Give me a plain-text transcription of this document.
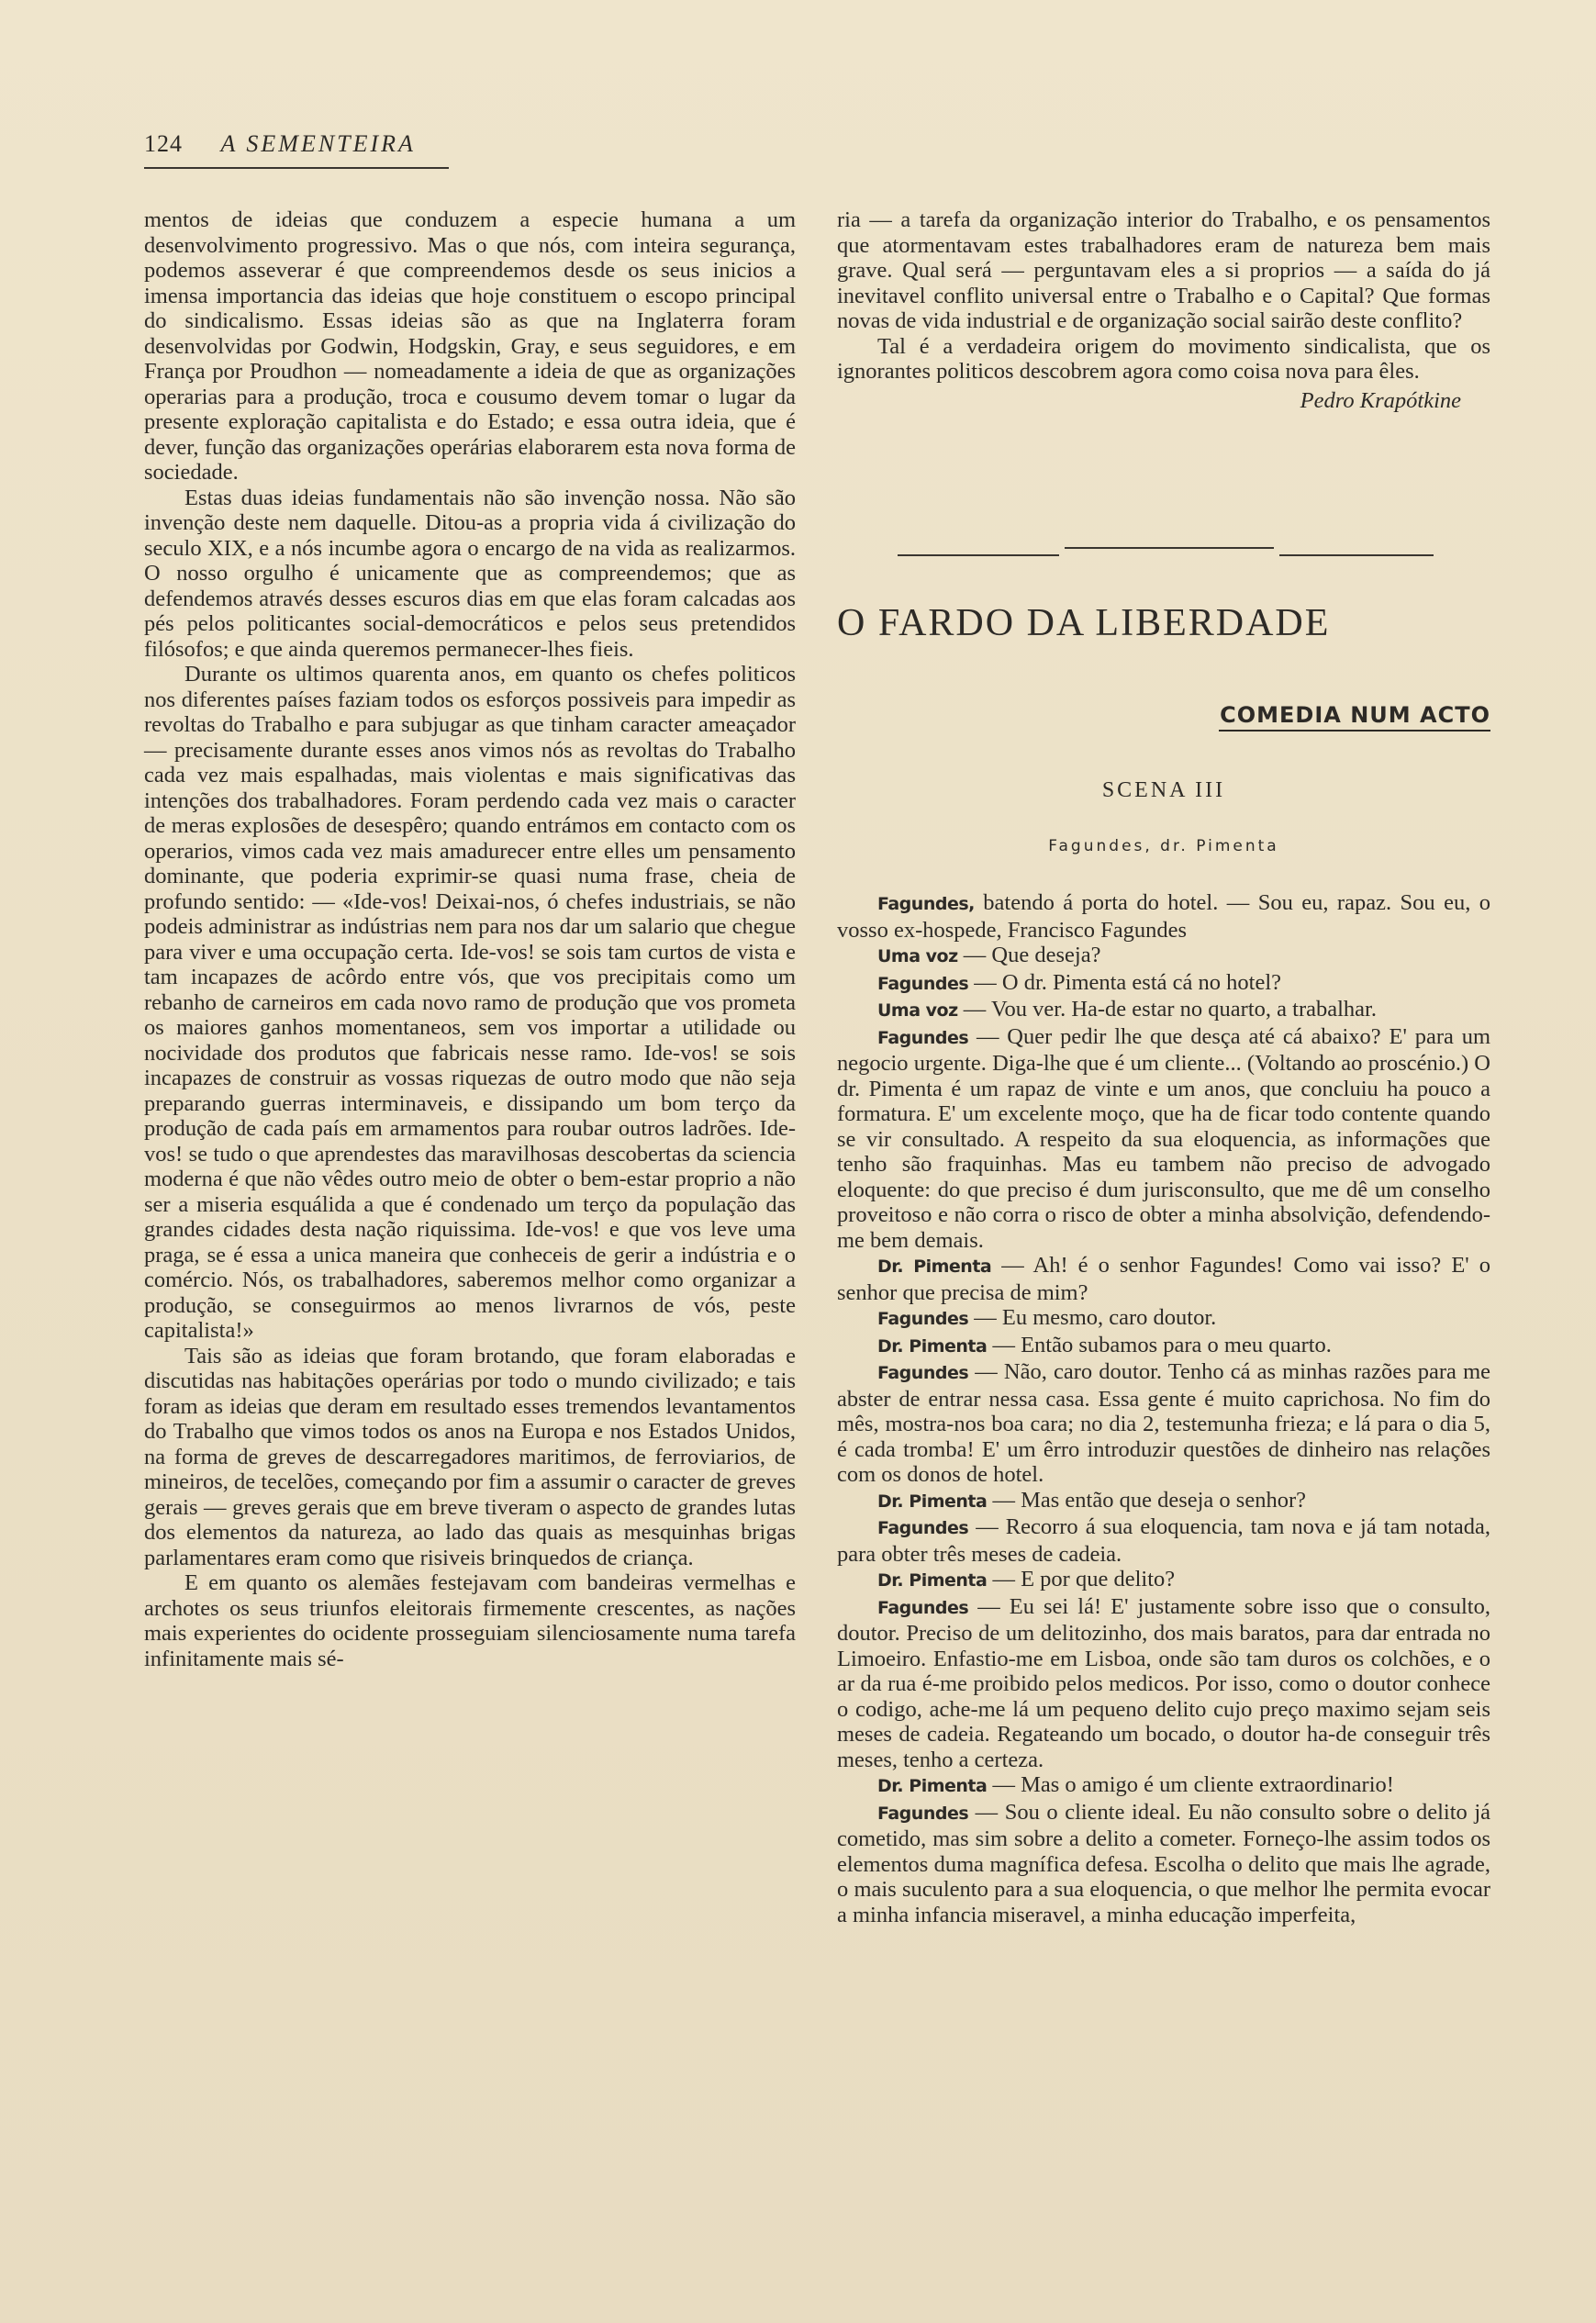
124 A SEMENTEIRA

mentos de ideias que conduzem a especie humana a um desenvolvimento progressivo. Mas o que nós, com inteira segurança, podemos asseverar é que compreendemos desde os seus inicios a imensa importancia das ideias que hoje constituem o escopo principal do sindicalismo. Essas ideias são as que na Inglaterra foram desenvolvidas por Godwin, Hodgskin, Gray, e seus seguidores, e em França por Proudhon — nomeadamente a ideia de que as organizações operarias para a produção, troca e cousumo devem tomar o lugar da presente exploração capitalista e do Estado; e essa outra ideia, que é dever, função das organizações operárias elaborarem esta nova forma de sociedade.

Estas duas ideias fundamentais não são invenção nossa. Não são invenção deste nem daquelle. Ditou-as a propria vida á civilização do seculo XIX, e a nós incumbe agora o encargo de na vida as realizarmos. O nosso orgulho é unicamente que as compreendemos; que as defendemos através desses escuros dias em que elas foram calcadas aos pés pelos politicantes social-democráticos e pelos seus pretendidos filósofos; e que ainda queremos permanecer-lhes fieis.

Durante os ultimos quarenta anos, em quanto os chefes politicos nos diferentes países faziam todos os esforços possiveis para impedir as revoltas do Trabalho e para subjugar as que tinham caracter ameaçador — precisamente durante esses anos vimos nós as revoltas do Trabalho cada vez mais espalhadas, mais violentas e mais significativas das intenções dos trabalhadores. Foram perdendo cada vez mais o caracter de meras explosões de desespêro; quando entrámos em contacto com os operarios, vimos cada vez mais amadurecer entre elles um pensamento dominante, que poderia exprimir-se quasi numa frase, cheia de profundo sentido: — «Ide-vos! Deixai-nos, ó chefes industriais, se não podeis administrar as indústrias nem para nos dar um salario que chegue para viver e uma occupação certa. Ide-vos! se sois tam curtos de vista e tam incapazes de acôrdo entre vós, que vos precipitais como um rebanho de carneiros em cada novo ramo de produção que vos prometa os maiores ganhos momentaneos, sem vos importar a utilidade ou nocividade dos produtos que fabricais nesse ramo. Ide-vos! se sois incapazes de construir as vossas riquezas de outro modo que não seja preparando guerras interminaveis, e dissipando um bom terço da produção de cada país em armamentos para roubar outros ladrões. Ide-vos! se tudo o que aprendestes das maravilhosas descobertas da sciencia moderna é que não vêdes outro meio de obter o bem-estar proprio a não ser a miseria esquálida a que é condenado um terço da população das grandes cidades desta nação riquissima. Ide-vos! e que vos leve uma praga, se é essa a unica maneira que conheceis de gerir a indústria e o comércio. Nós, os trabalhadores, saberemos melhor como organizar a produção, se conseguirmos ao menos livrarnos de vós, peste capitalista!»

Tais são as ideias que foram brotando, que foram elaboradas e discutidas nas habitações operárias por todo o mundo civilizado; e tais foram as ideias que deram em resultado esses tremendos levantamentos do Trabalho que vimos todos os anos na Europa e nos Estados Unidos, na forma de greves de descarregadores maritimos, de ferroviarios, de mineiros, de tecelões, começando por fim a assumir o caracter de greves gerais — greves gerais que em breve tiveram o aspecto de grandes lutas dos elementos da natureza, ao lado das quais as mesquinhas brigas parlamentares eram como que risiveis brinquedos de criança.

E em quanto os alemães festejavam com bandeiras vermelhas e archotes os seus triunfos eleitorais firmemente crescentes, as nações mais experientes do ocidente prosseguiam silenciosamente numa tarefa infinitamente mais sé-

ria — a tarefa da organização interior do Trabalho, e os pensamentos que atormentavam estes trabalhadores eram de natureza bem mais grave. Qual será — perguntavam eles a si proprios — a saída do já inevitavel conflito universal entre o Trabalho e o Capital? Que formas novas de vida industrial e de organização social sairão deste conflito?

Tal é a verdadeira origem do movimento sindicalista, que os ignorantes politicos descobrem agora como coisa nova para êles.

Pedro Krapótkine

O FARDO DA LIBERDADE
COMEDIA NUM ACTO
SCENA III
Fagundes, dr. Pimenta

Fagundes, batendo á porta do hotel. — Sou eu, rapaz. Sou eu, o vosso ex-hospede, Francisco Fagundes

Uma voz — Que deseja?

Fagundes — O dr. Pimenta está cá no hotel?

Uma voz — Vou ver. Ha-de estar no quarto, a trabalhar.

Fagundes — Quer pedir lhe que desça até cá abaixo? E' para um negocio urgente. Diga-lhe que é um cliente... (Voltando ao proscénio.) O dr. Pimenta é um rapaz de vinte e um anos, que concluiu ha pouco a formatura. E' um excelente moço, que ha de ficar todo contente quando se vir consultado. A respeito da sua eloquencia, as informações que tenho são fraquinhas. Mas eu tambem não preciso de advogado eloquente: do que preciso é dum jurisconsulto, que me dê um conselho proveitoso e não corra o risco de obter a minha absolvição, defendendo-me bem demais.

Dr. Pimenta — Ah! é o senhor Fagundes! Como vai isso? E' o senhor que precisa de mim?

Fagundes — Eu mesmo, caro doutor.

Dr. Pimenta — Então subamos para o meu quarto.

Fagundes — Não, caro doutor. Tenho cá as minhas razões para me abster de entrar nessa casa. Essa gente é muito caprichosa. No fim do mês, mostra-nos boa cara; no dia 2, testemunha frieza; e lá para o dia 5, é cada tromba! E' um êrro introduzir questões de dinheiro nas relações com os donos de hotel.

Dr. Pimenta — Mas então que deseja o senhor?

Fagundes — Recorro á sua eloquencia, tam nova e já tam notada, para obter três meses de cadeia.

Dr. Pimenta — E por que delito?

Fagundes — Eu sei lá! E' justamente sobre isso que o consulto, doutor. Preciso de um delitozinho, dos mais baratos, para dar entrada no Limoeiro. Enfastio-me em Lisboa, onde são tam duros os colchões, e o ar da rua é-me proibido pelos medicos. Por isso, como o doutor conhece o codigo, ache-me lá um pequeno delito cujo preço maximo sejam seis meses de cadeia. Regateando um bocado, o doutor ha-de conseguir três meses, tenho a certeza.

Dr. Pimenta — Mas o amigo é um cliente extraordinario!

Fagundes — Sou o cliente ideal. Eu não consulto sobre o delito já cometido, mas sim sobre a delito a cometer. Forneço-lhe assim todos os elementos duma magnífica defesa. Escolha o delito que mais lhe agrade, o mais suculento para a sua eloquencia, o que melhor lhe permita evocar a minha infancia miseravel, a minha educação imperfeita,
